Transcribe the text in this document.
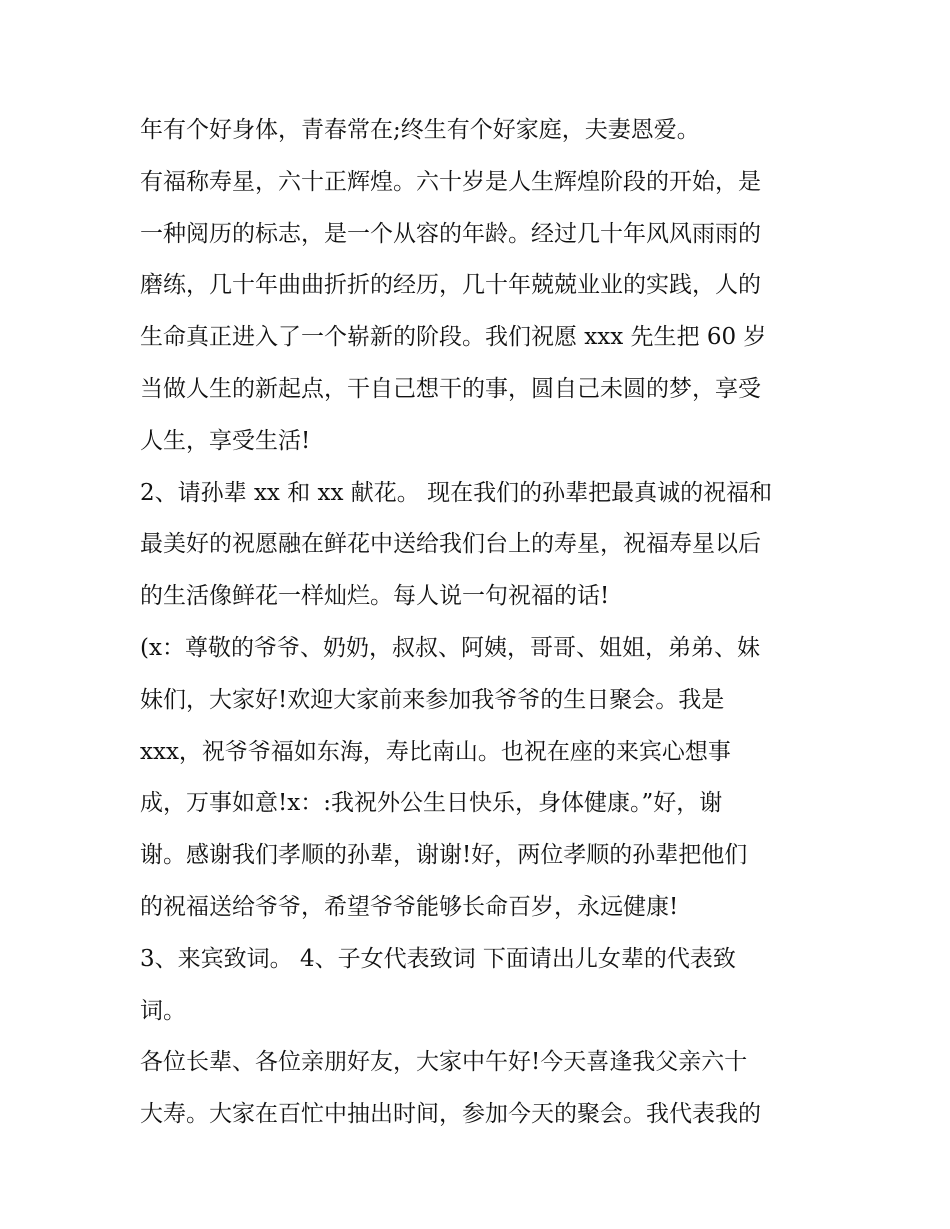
年有个好身体，青春常在;终生有个好家庭，夫妻恩爱。
有福称寿星，六十正辉煌。六十岁是人生辉煌阶段的开始，是
一种阅历的标志，是一个从容的年龄。经过几十年风风雨雨的
磨练，几十年曲曲折折的经历，几十年兢兢业业的实践，人的
生命真正进入了一个崭新的阶段。我们祝愿 xxx 先生把 60 岁
当做人生的新起点，干自己想干的事，圆自己未圆的梦，享受
人生，享受生活!
2、请孙辈 xx 和 xx 献花。 现在我们的孙辈把最真诚的祝福和
最美好的祝愿融在鲜花中送给我们台上的寿星，祝福寿星以后
的生活像鲜花一样灿烂。每人说一句祝福的话!
(x：尊敬的爷爷、奶奶，叔叔、阿姨，哥哥、姐姐，弟弟、妹
妹们，大家好!欢迎大家前来参加我爷爷的生日聚会。我是
xxx，祝爷爷福如东海，寿比南山。也祝在座的来宾心想事
成，万事如意!x：:我祝外公生日快乐，身体健康。”好，谢
谢。感谢我们孝顺的孙辈，谢谢!好，两位孝顺的孙辈把他们
的祝福送给爷爷，希望爷爷能够长命百岁，永远健康!
3、来宾致词。 4、子女代表致词 下面请出儿女辈的代表致
词。
各位长辈、各位亲朋好友，大家中午好!今天喜逢我父亲六十
大寿。大家在百忙中抽出时间，参加今天的聚会。我代表我的
